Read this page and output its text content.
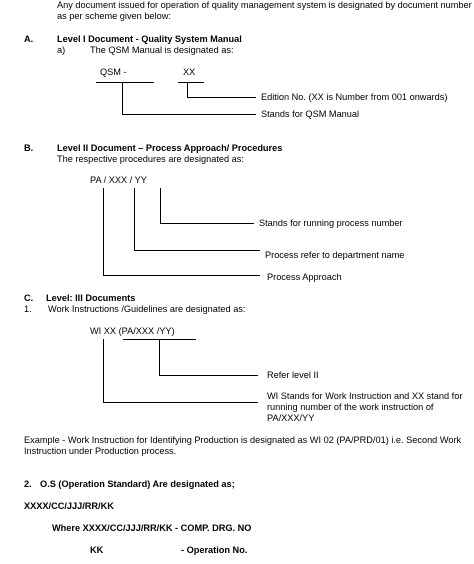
Any document issued for operation of quality management system is designated by document number
as per scheme given below:
A.	Level I Document - Quality System Manual
a)	The QSM Manual is designated as:
QSM -	XX
Edition No. (XX is Number from 001 onwards)
Stands for QSM Manual
B.	Level II Document – Process Approach/ Procedures
The respective procedures are designated as:
PA / XXX / YY
Stands for running process number
Process refer to department name
Process Approach
C. Level: III Documents
1. Work Instructions /Guidelines are designated as:
WI XX (PA/XXX /YY)
Refer level II
WI Stands for Work Instruction and XX stand for
running number of the work instruction of
PA/XXX/YY
Example - Work Instruction for Identifying Production is designated as WI 02 (PA/PRD/01) i.e. Second Work
Instruction under Production process.
2. O.S (Operation Standard) Are designated as;
XXXX/CC/JJJ/RR/KK
Where XXXX/CC/JJJ/RR/KK - COMP. DRG. NO
KK	- Operation No.
